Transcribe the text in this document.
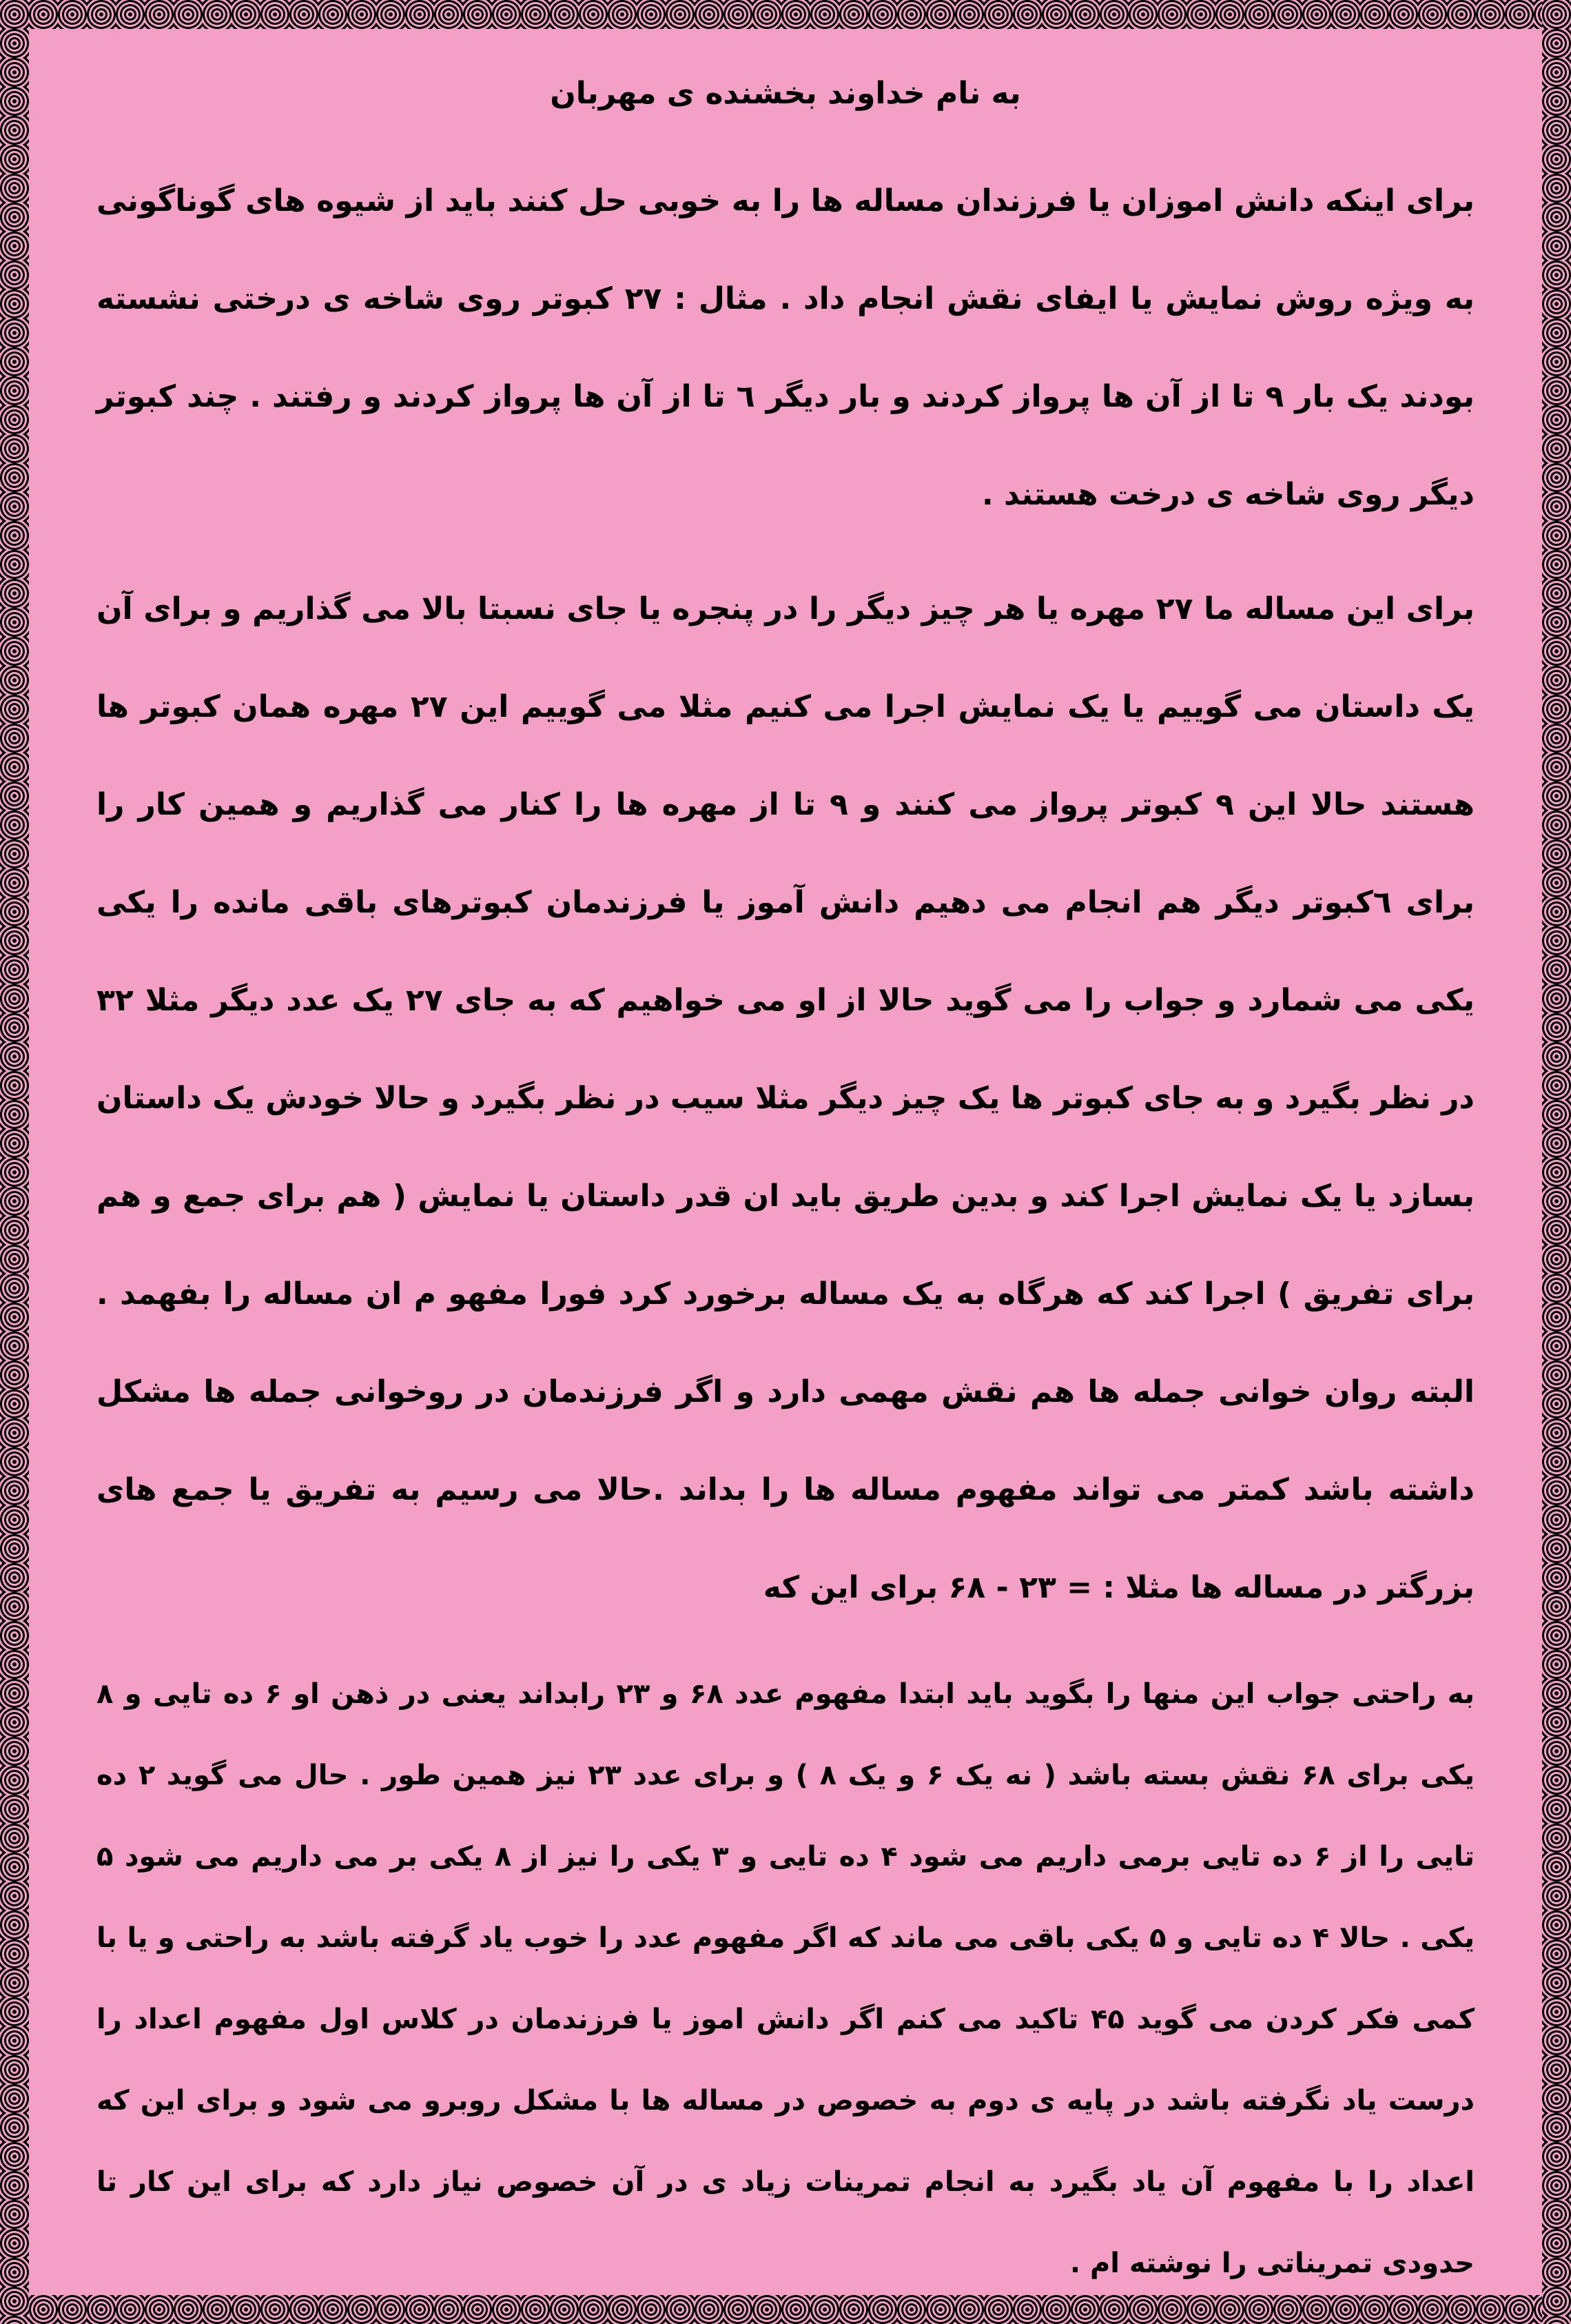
به نام خداوند بخشنده ی مهربان

برای اینکه دانش اموزان یا فرزندان مساله ها را به خوبی حل کنند باید از شیوه های گوناگونی به ویژه روش نمایش یا ایفای نقش انجام داد . مثال : ۲۷ کبوتر روی شاخه ی درختی نشسته بودند یک بار ۹ تا از آن ها پرواز کردند و بار دیگر ٦ تا از آن ها پرواز کردند و رفتند . چند کبوتر دیگر روی شاخه ی درخت هستند .

برای این مساله ما ۲۷ مهره یا هر چیز دیگر را در پنجره یا جای نسبتا بالا می گذاریم و برای آن یک داستان می گوییم یا یک نمایش اجرا می کنیم مثلا می گوییم این ۲۷ مهره همان کبوتر ها هستند حالا این ۹ کبوتر پرواز می کنند و ۹ تا از مهره ها را کنار می گذاریم و همین کار را برای ٦کبوتر دیگر هم انجام می دهیم دانش آموز یا فرزندمان کبوترهای باقی مانده را یکی یکی می شمارد و جواب را می گوید حالا از او می خواهیم که به جای ۲۷ یک عدد دیگر مثلا ۳۲ در نظر بگیرد و به جای کبوتر ها یک چیز دیگر مثلا سیب در نظر بگیرد و حالا خودش یک داستان بسازد یا یک نمایش اجرا کند و بدین طریق باید ان قدر داستان یا نمایش ( هم برای جمع و هم برای تفریق ) اجرا کند که هرگاه به یک مساله برخورد کرد فورا مفهو م ان مساله را بفهمد . البته روان خوانی جمله ها هم نقش مهمی دارد و اگر فرزندمان در روخوانی جمله ها مشکل داشته باشد کمتر می تواند مفهوم مساله ها را بداند .حالا می رسیم به تفریق یا جمع های بزرگتر در مساله ها مثلا : = ۲۳ - ۶۸ برای این که

به راحتی جواب این منها را بگوید باید ابتدا مفهوم عدد ۶۸ و ۲۳ رابداند یعنی در ذهن او ۶ ده تایی و ۸ یکی برای ۶۸ نقش بسته باشد ( نه یک ۶ و یک ۸ ) و برای عدد ۲۳ نیز همین طور . حال می گوید ۲ ده تایی را از ۶ ده تایی برمی داریم می شود ۴ ده تایی و ۳ یکی را نیز از ۸ یکی بر می داریم می شود ۵ یکی . حالا ۴ ده تایی و ۵ یکی باقی می ماند که اگر مفهوم عدد را خوب یاد گرفته باشد به راحتی و یا با کمی فکر کردن می گوید ۴۵ تاکید می کنم اگر دانش اموز یا فرزندمان در کلاس اول مفهوم اعداد را درست یاد نگرفته باشد در پایه ی دوم به خصوص در مساله ها با مشکل روبرو می شود و برای این که اعداد را با مفهوم آن یاد بگیرد به انجام تمرینات زیاد ی در آن خصوص نیاز دارد که برای این کار تا حدودی تمریناتی را نوشته ام .
